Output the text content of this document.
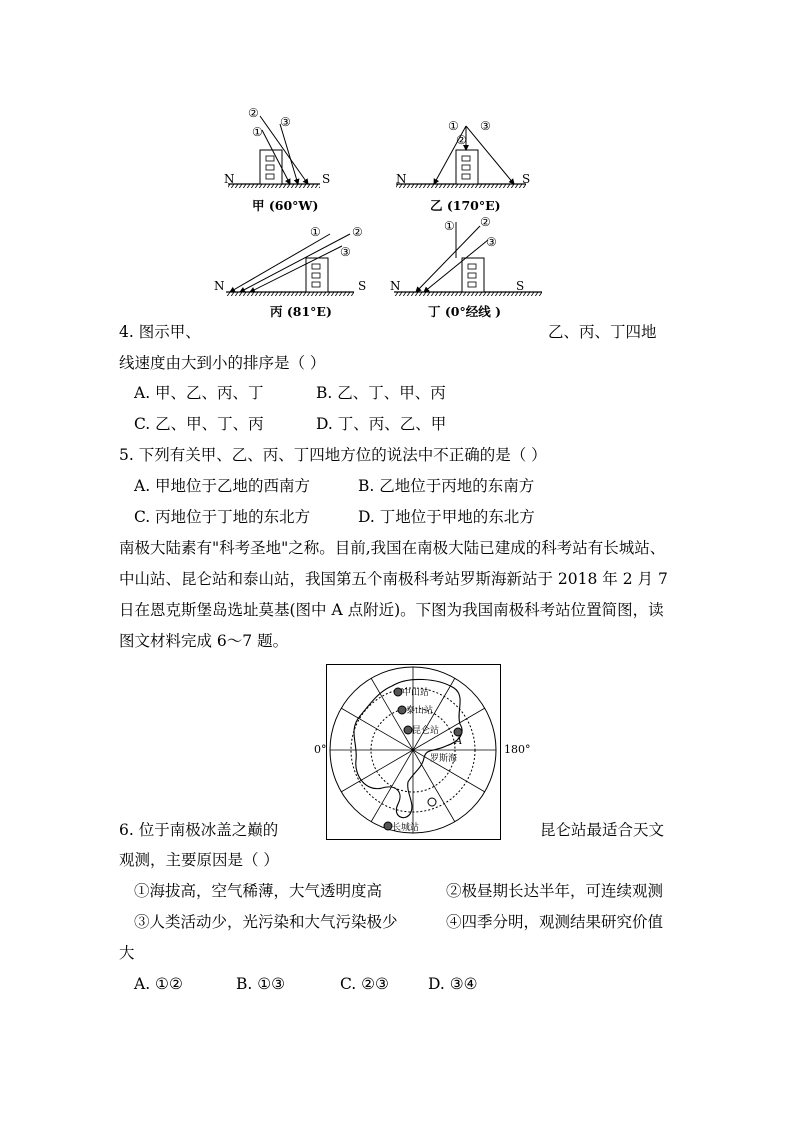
N	S
①
②
③
N	S
①
②
③
N	S
①	②
③
N	S
① ②
③
甲 (60°W)	乙 (170°E)
丙 (81°E)	丁 (0°经线 )
4. 图示甲、	乙、丙、丁四地
线速度由大到小的排序是（ ）
A. 甲、乙、丙、丁	B. 乙、丁、甲、丙
C. 乙、甲、丁、丙	D. 丁、丙、乙、甲
5. 下列有关甲、乙、丙、丁四地方位的说法中不正确的是（ ）
A. 甲地位于乙地的西南方	B. 乙地位于丙地的东南方
C. 丙地位于丁地的东北方	D. 丁地位于甲地的东北方
南极大陆素有"科考圣地"之称。目前,我国在南极大陆已建成的科考站有长城站、
中山站、昆仑站和泰山站，我国第五个南极科考站罗斯海新站于 2018 年 2 月 7
日在恩克斯堡岛选址莫基(图中 A 点附近)。下图为我国南极科考站位置简图，读
图文材料完成 6～7 题。
中山站
泰山站
昆仑站
罗斯海
A
长城站
0°	180°
6. 位于南极冰盖之巅的	昆仑站最适合天文
观测，主要原因是（ ）
①海拔高，空气稀薄，大气透明度高	②极昼期长达半年，可连续观测
③人类活动少，光污染和大气污染极少	④四季分明，观测结果研究价值
大
A. ①②	B. ①③	C. ②③	D. ③④
